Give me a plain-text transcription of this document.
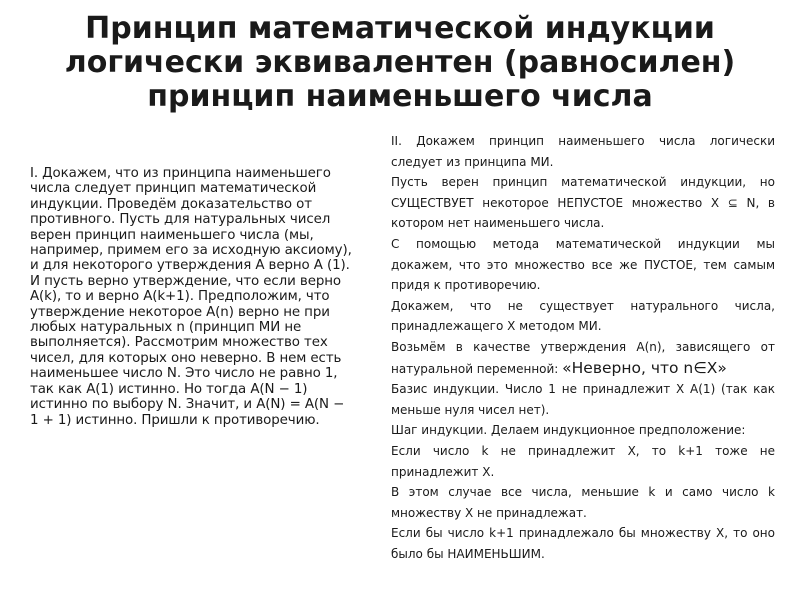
Принцип математической индукции
логически эквивалентен (равносилен)
принцип наименьшего числа

I. Докажем, что из принципа наименьшего числа следует принцип математической индукции. Проведём доказательство от противного. Пусть для натуральных чисел верен принцип наименьшего числа (мы, например, примем его за исходную аксиому), и для некоторого утверждения A верно A (1). И пусть верно утверждение, что если верно A(k), то и верно A(k+1). Предположим, что утверждение некоторое A(n) верно не при любых натуральных n (принцип МИ не выполняется). Рассмотрим множество тех чисел, для которых оно неверно. В нем есть наименьшее число N. Это число не равно 1, так как A(1) истинно. Но тогда A(N − 1) истинно по выбору N. Значит, и A(N) = A(N − 1 + 1) истинно. Пришли к противоречию.

II. Докажем принцип наименьшего числа логически следует из принципа МИ.

Пусть верен принцип математической индукции, но СУЩЕСТВУЕТ некоторое НЕПУСТОЕ множество X ⊆ N, в котором нет наименьшего числа.

С помощью метода математической индукции мы докажем, что это множество все же ПУСТОЕ, тем самым придя к противоречию.

Докажем, что не существует натурального числа, принадлежащего X методом МИ.

Возьмём в качестве утверждения A(n), зависящего от натуральной переменной: «Неверно, что n∈X»

Базис индукции. Число 1 не принадлежит X A(1) (так как меньше нуля чисел нет).

Шаг индукции. Делаем индукционное предположение:

Если число k не принадлежит X, то k+1 тоже не принадлежит X.

В этом случае все числа, меньшие k и само число k множеству X не принадлежат.

Если бы число k+1 принадлежало бы множеству X, то оно было бы НАИМЕНЬШИМ.
